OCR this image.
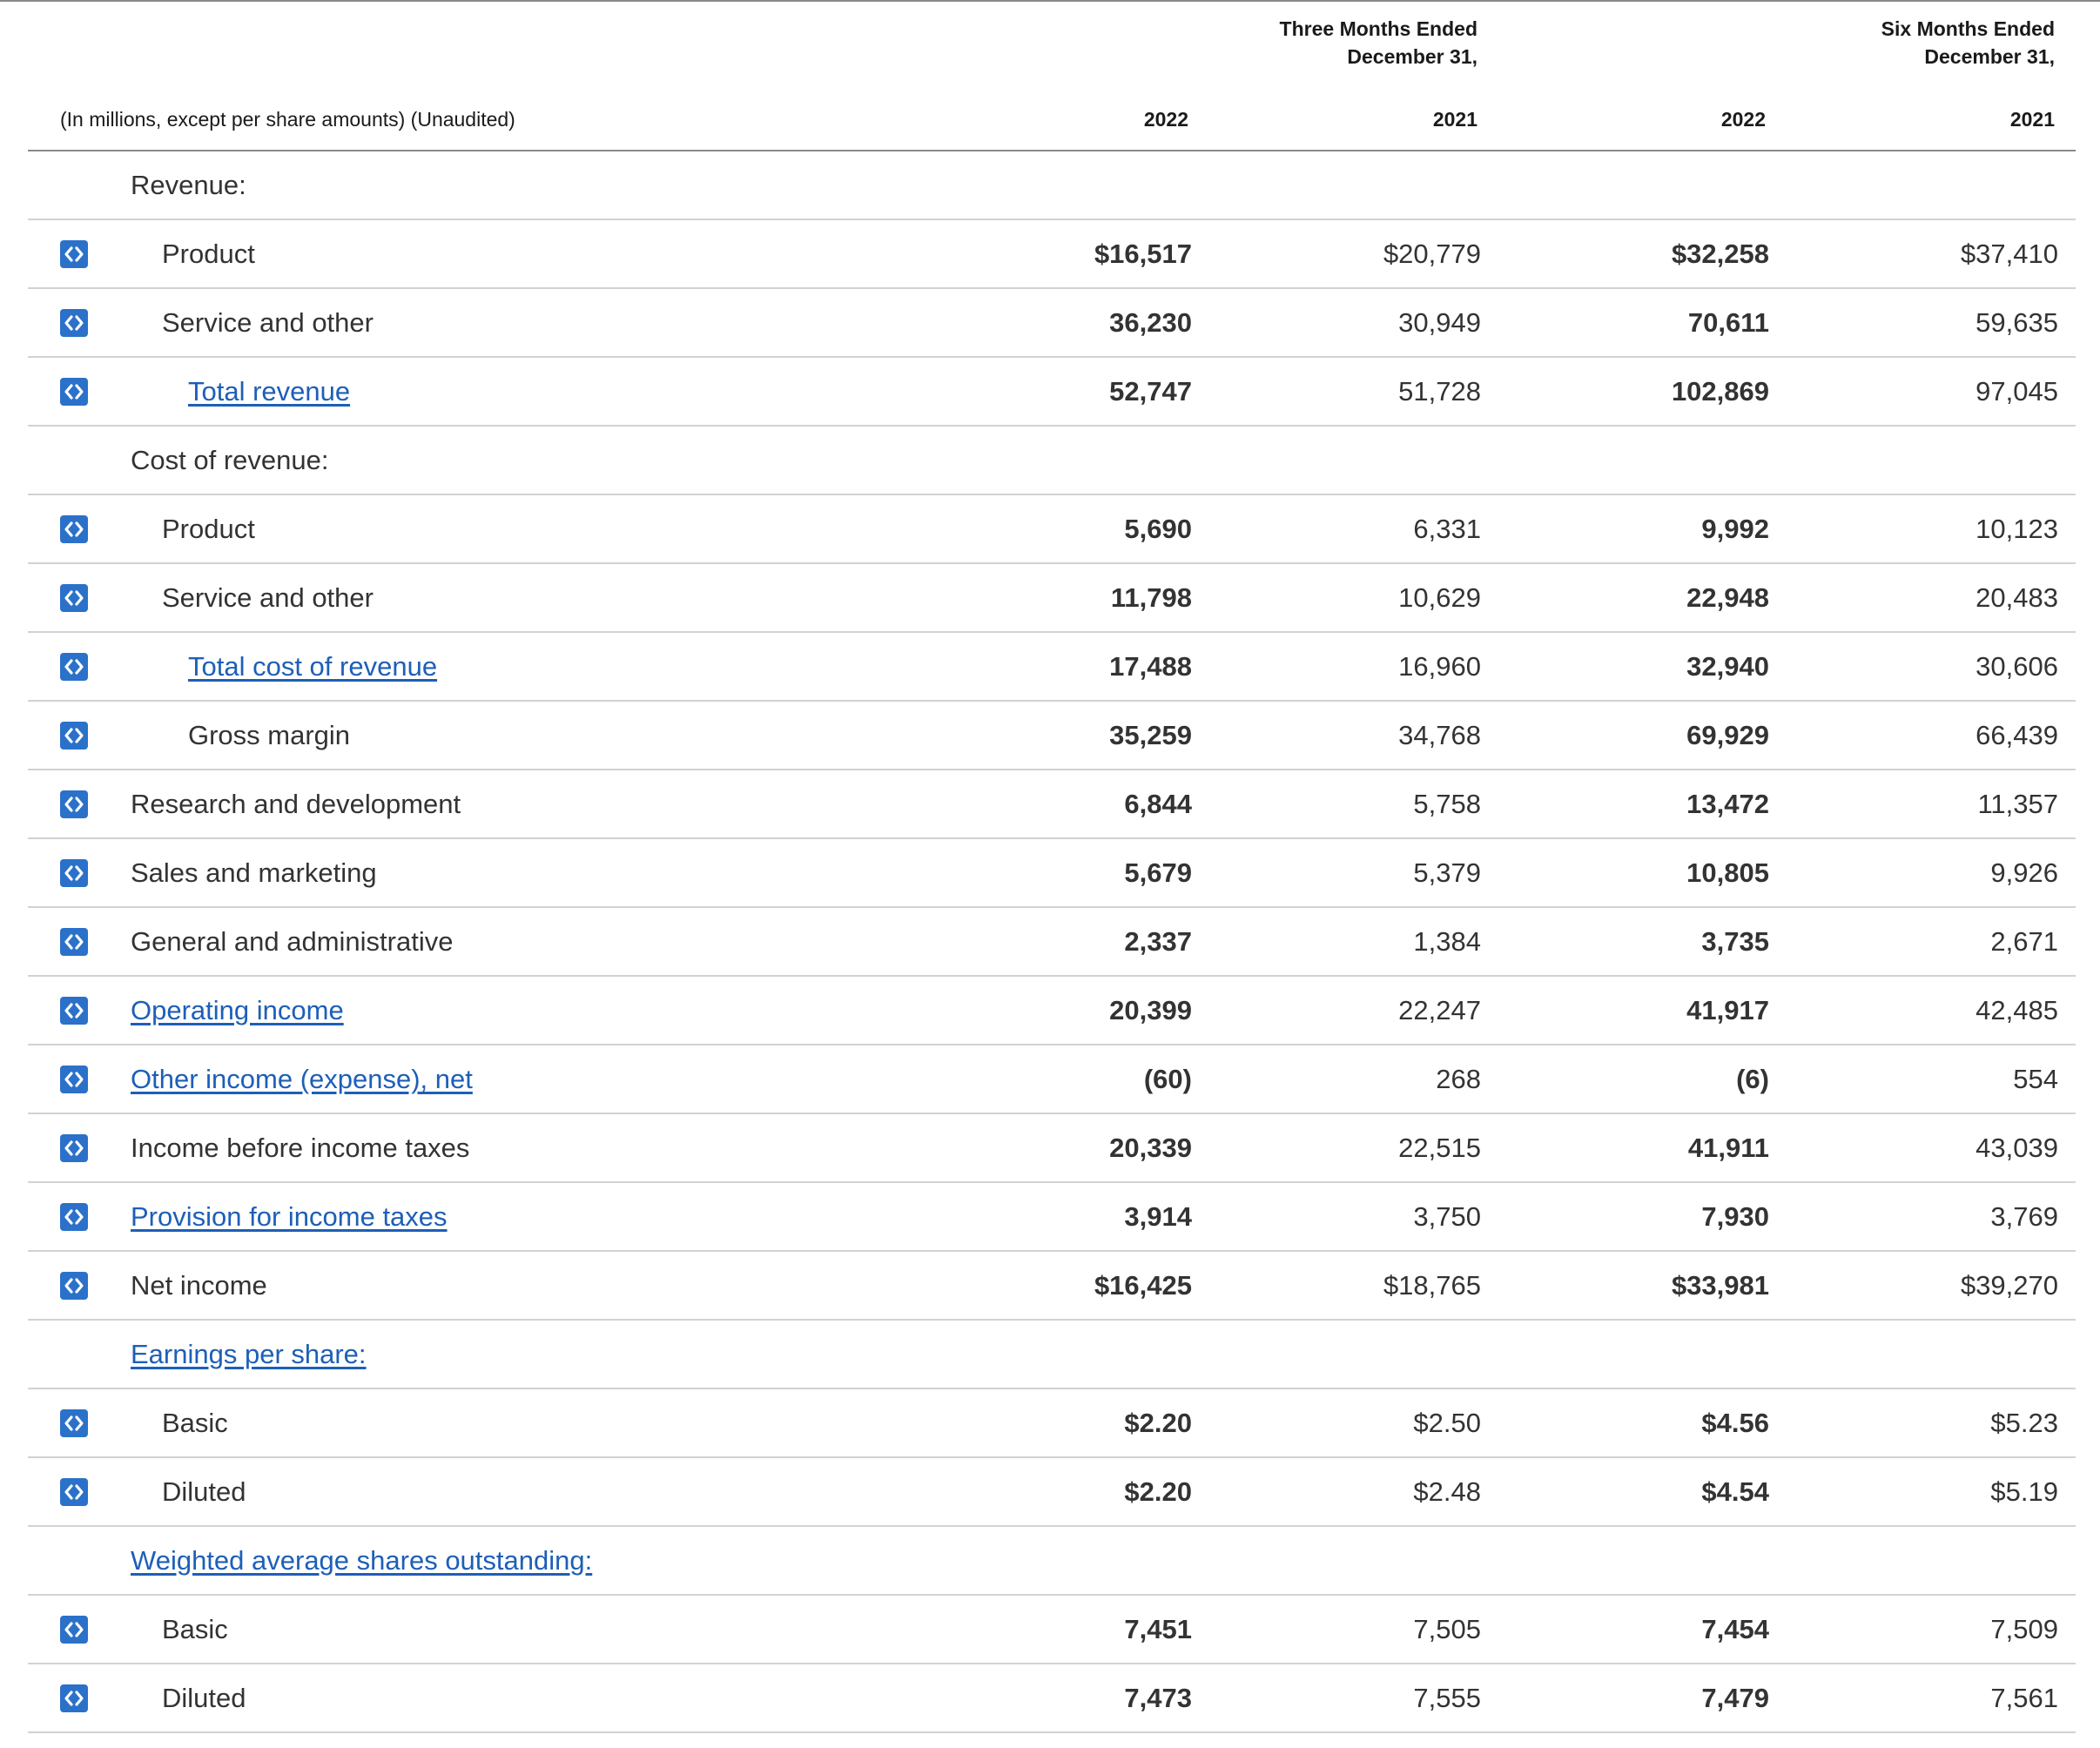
Three Months Ended
December 31,
Six Months Ended
December 31,
(In millions, except per share amounts) (Unaudited)	2022	2021	2022	2021
Revenue:
Product	$16,517	$20,779	$32,258	$37,410
Service and other	36,230	30,949	70,611	59,635
Total revenue	52,747	51,728	102,869	97,045
Cost of revenue:
Product	5,690	6,331	9,992	10,123
Service and other	11,798	10,629	22,948	20,483
Total cost of revenue	17,488	16,960	32,940	30,606
Gross margin	35,259	34,768	69,929	66,439
Research and development	6,844	5,758	13,472	11,357
Sales and marketing	5,679	5,379	10,805	9,926
General and administrative	2,337	1,384	3,735	2,671
Operating income	20,399	22,247	41,917	42,485
Other income (expense), net	(60)	268	(6)	554
Income before income taxes	20,339	22,515	41,911	43,039
Provision for income taxes	3,914	3,750	7,930	3,769
Net income	$16,425	$18,765	$33,981	$39,270
Earnings per share:
Basic	$2.20	$2.50	$4.56	$5.23
Diluted	$2.20	$2.48	$4.54	$5.19
Weighted average shares outstanding:
Basic	7,451	7,505	7,454	7,509
Diluted	7,473	7,555	7,479	7,561
